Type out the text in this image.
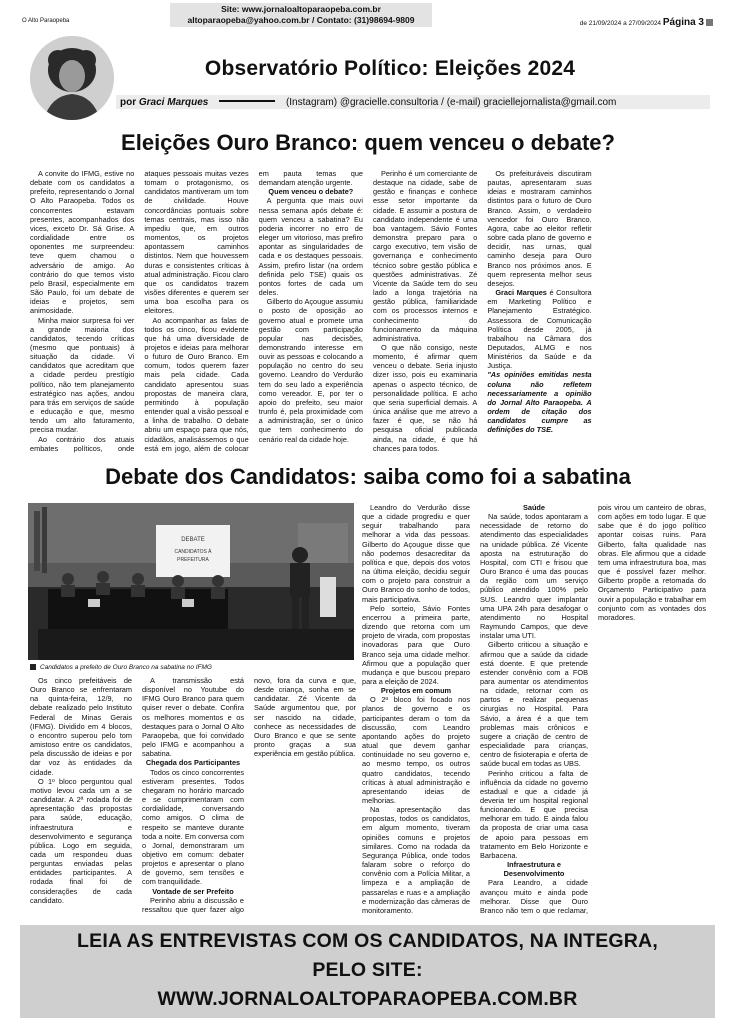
O Alto Paraopeba
Site: www.jornaloaltoparaopeba.com.br
altoparaopeba@yahoo.com.br / Contato: (31)98694-9809	de 21/09/2024 a 27/09/2024 Página 3
Observatório Político: Eleições 2024
por Graci Marques	(Instagram) @gracielle.consultoria / (e-mail) graciellejornalista@gmail.com
Eleições Ouro Branco: quem venceu o debate?

A convite do IFMG, estive no debate com os candidatos a prefeito, representando o Jornal O Alto Paraopeba. Todos os concorrentes estavam presentes, acompanhados dos vices, exceto Dr. Sá Grise. A cordialidade entre os oponentes me surpreendeu: teve quem chamou o adversário de amigo. Ao contrário do que temos visto pelo Brasil, especialmente em São Paulo, foi um debate de ideias e projetos, sem animosidade.

Minha maior surpresa foi ver a grande maioria dos candidatos, tecendo críticas (mesmo que pontuais) à situação da cidade. Vi candidatos que acreditam que a cidade perdeu prestígio político, não tem planejamento estratégico nas ações, andou para trás em serviços de saúde e educação e que, mesmo tendo um alto faturamento, precisa mudar.

Ao contrário dos atuais embates políticos, onde ataques pessoais muitas vezes tomam o protagonismo, os candidatos mantiveram um tom de civilidade. Houve concordâncias pontuais sobre temas centrais, mas isso não impediu que, em outros momentos, os projetos apontassem caminhos distintos. Nem que houvessem duras e consistentes críticas à atual administração. Ficou claro que os candidatos trazem visões diferentes e querem ser uma boa escolha para os eleitores.

Ao acompanhar as falas de todos os cinco, ficou evidente que há uma diversidade de projetos e ideias para melhorar o futuro de Ouro Branco. Em comum, todos querem fazer mais pela cidade. Cada candidato apresentou suas propostas de maneira clara, permitindo à população entender qual a visão pessoal e a linha de trabalho. O debate abriu um espaço para que nós, cidadãos, analisássemos o que está em jogo, além de colocar em pauta temas que demandam atenção urgente.

Quem venceu o debate?

A pergunta que mais ouvi nessa semana após debate é: quem venceu a sabatina? Eu poderia incorrer no erro de eleger um vitorioso, mas prefiro apontar as singularidades de cada e os destaques pessoais. Assim, prefiro listar (na ordem definida pelo TSE) quais os pontos fortes de cada um deles.

Gilberto do Açougue assumiu o posto de oposição ao governo atual e promete uma gestão com participação popular nas decisões, demonstrando interesse em ouvir as pessoas e colocando a população no centro do seu governo. Leandro do Verdurão tem do seu lado a experiência como vereador. E, por ter o apoio do prefeito, seu maior trunfo é, pela proximidade com a administração, ser o único que tem conhecimento do cenário real da cidade hoje.

Perinho é um comerciante de destaque na cidade, sabe de gestão e finanças e conhece esse setor importante da cidade. E assumir a postura de candidato independente é uma boa vantagem. Sávio Fontes demonstra preparo para o cargo executivo, tem visão de governança e conhecimento técnico sobre gestão pública e questões administrativas. Zé Vicente da Saúde tem do seu lado a longa trajetória na gestão pública, familiaridade com os processos internos e conhecimento do funcionamento da máquina administrativa.

O que não consigo, neste momento, é afirmar quem venceu o debate. Seria injusto dizer isso, pois eu examinaria apenas o aspecto técnico, de personalidade política. E acho que seria superficial demais. A única análise que me atrevo a fazer é que, se não há pesquisa oficial publicada ainda, na cidade, é que há chances para todos.

Os prefeituráveis discutiram pautas, apresentaram suas ideias e mostraram caminhos distintos para o futuro de Ouro Branco. Assim, o verdadeiro vencedor foi Ouro Branco. Agora, cabe ao eleitor refletir sobre cada plano de governo e decidir, nas urnas, qual caminho deseja para Ouro Branco nos próximos anos. E quem representa melhor seus desejos.

Graci Marques é Consultora em Marketing Político e Planejamento Estratégico. Assessora de Comunicação Política desde 2005, já trabalhou na Câmara dos Deputados, ALMG e nos Ministérios da Saúde e da Justiça.

"As opiniões emitidas nesta coluna não refletem necessariamente a opinião do Jornal Alto Paraopeba. A ordem de citação dos candidatos cumpre as definições do TSE.

Debate dos Candidatos: saiba como foi a sabatina
DEBATE
CANDIDATOS À
PREFEITURA
Candidatos a prefeito de Ouro Branco na sabatina no IFMG

Os cinco prefeitáveis de Ouro Branco se enfrentaram na quinta-feira, 12/9, no debate realizado pelo Instituto Federal de Minas Gerais (IFMG). Dividido em 4 blocos, o encontro superou pelo tom amistoso entre os candidatos, pela discussão de ideias e por dar voz às entidades da cidade.

O 1º bloco perguntou qual motivo levou cada um a se candidatar. A 2ª rodada foi de apresentação das propostas para saúde, educação, infraestrutura e desenvolvimento e segurança pública. Logo em seguida, cada um respondeu duas perguntas enviadas pelas entidades participantes. A rodada final foi de considerações de cada candidato.

A transmissão está disponível no Youtube do IFMG Ouro Branco para quem quiser rever o debate. Confira os melhores momentos e os destaques para o Jornal O Alto Paraopeba, que foi convidado pelo IFMG e acompanhou a sabatina.

Chegada dos Participantes

Todos os cinco concorrentes estiveram presentes. Todos chegaram no horário marcado e se cumprimentaram com cordialidade, conversando como amigos. O clima de respeito se manteve durante toda a noite. Em conversa com o Jornal, demonstraram um objetivo em comum: debater projetos e apresentar o plano de governo, sem tensões e com tranquilidade.

Vontade de ser Prefeito

Perinho abriu a discussão e ressaltou que quer fazer algo novo, fora da curva e que, desde criança, sonha em se candidatar. Zé Vicente da Saúde argumentou que, por ser nascido na cidade, conhece as necessidades de Ouro Branco e que se sente pronto graças a sua experiência em gestão pública.

Leandro do Verdurão disse que a cidade progrediu e quer seguir trabalhando para melhorar a vida das pessoas. Gilberto do Açougue disse que não podemos desacreditar da política e que, depois dos votos na última eleição, decidiu seguir com o projeto para construir a Ouro Branco do sonho de todos, mais participativa.

Pelo sorteio, Sávio Fontes encerrou a primeira parte, dizendo que retorna com um projeto de virada, com propostas inovadoras para que Ouro Branco seja uma cidade melhor. Afirmou que a população quer mudança e que buscou preparo para a eleição de 2024.

Projetos em comum

O 2º bloco foi focado nos planos de governo e os participantes deram o tom da discussão, com Leandro apontando ações do projeto atual que devem ganhar continuidade no seu governo e, ao mesmo tempo, os outros quatro candidatos, tecendo críticas à atual administração e apresentando ideias de melhorias.

Na apresentação das propostas, todos os candidatos, em algum momento, tiveram opiniões comuns e projetos similares. Como na rodada da Segurança Pública, onde todos falaram sobre o reforço do convênio com a Polícia Militar, a limpeza e a ampliação de passarelas e ruas e a ampliação e modernização das câmeras de monitoramento.

Saúde

Na saúde, todos apontaram a necessidade de retorno do atendimento das especialidades na unidade pública. Zé Vicente aposta na estruturação do Hospital, com CTI e frisou que Ouro Branco é uma das poucas da região com um serviço público atendido 100% pelo SUS. Leandro quer implantar uma UPA 24h para desafogar o atendimento no Hospital Raymundo Campos, que deve instalar uma UTI.

Gilberto criticou a situação e afirmou que a saúde da cidade está doente. E que pretende estender convênio com a FOB para aumentar os atendimentos na cidade, retornar com os partos e realizar pequenas cirurgias no Hospital. Para Sávio, a área é a que tem problemas mais crônicos e sugere a criação de centro de especialidade para crianças, centro de fisioterapia e oferta de saúde bucal em todas as UBS.

Perinho criticou a falta de influência da cidade no governo estadual e que a cidade já deveria ter um hospital regional funcionando. E que precisa melhorar em tudo. E ainda falou da proposta de criar uma casa de apoio para pessoas em tratamento em Belo Horizonte e Barbacena.

Infraestrutura e Desenvolvimento

Para Leandro, a cidade avançou muito e ainda pode melhorar. Disse que Ouro Branco não tem o que reclamar, pois virou um canteiro de obras, com ações em todo lugar. E que sabe que é do jogo político apontar coisas ruins. Para Gilberto, falta qualidade nas obras. Ele afirmou que a cidade tem uma infraestrutura boa, mas que é possível fazer melhor. Gilberto propõe a retomada do Orçamento Participativo para ouvir a população e trabalhar em conjunto com as vontades dos moradores.

LEIA AS ENTREVISTAS COM OS CANDIDATOS, NA INTEGRA,
PELO SITE:
WWW.JORNALOALTOPARAOPEBA.COM.BR
